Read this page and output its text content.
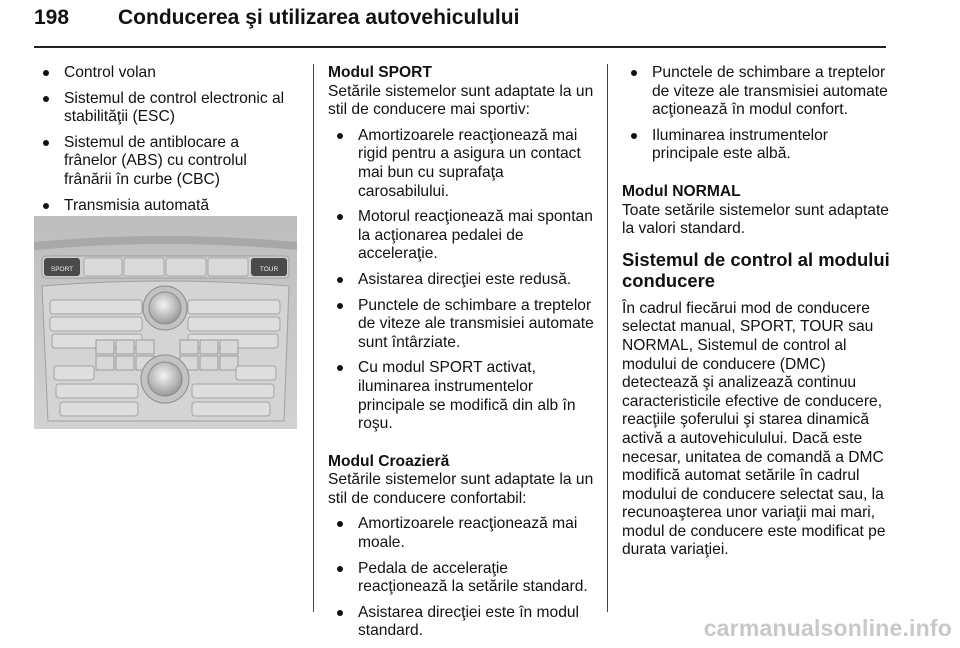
198 Conducerea şi utilizarea autovehiculului
Control volan
Sistemul de control electronic al stabilităţii (ESC)
Sistemul de antiblocare a frânelor (ABS) cu controlul frânării în curbe (CBC)
Transmisia automată
SPORT	TOUR
Modul SPORT

Setările sistemelor sunt adaptate la un stil de conducere mai sportiv:

Amortizoarele reacţionează mai rigid pentru a asigura un contact mai bun cu suprafaţa carosabilului.
Motorul reacţionează mai spontan la acţionarea pedalei de acceleraţie.
Asistarea direcţiei este redusă.
Punctele de schimbare a treptelor de viteze ale transmisiei automate sunt întârziate.
Cu modul SPORT activat, iluminarea instrumentelor principale se modifică din alb în roşu.
Modul Croazieră

Setările sistemelor sunt adaptate la un stil de conducere confortabil:

Amortizoarele reacţionează mai moale.
Pedala de acceleraţie reacţionează la setările standard.
Asistarea direcţiei este în modul standard.
Punctele de schimbare a treptelor de viteze ale transmisiei automate acţionează în modul confort.
Iluminarea instrumentelor principale este albă.
Modul NORMAL

Toate setările sistemelor sunt adaptate la valori standard.

Sistemul de control al modului conducere

În cadrul fiecărui mod de conducere selectat manual, SPORT, TOUR sau NORMAL, Sistemul de control al modului de conducere (DMC) detectează şi analizează continuu caracteristicile efective de conducere, reacţiile şoferului şi starea dinamică activă a autovehiculului. Dacă este necesar, unitatea de comandă a DMC modifică automat setările în cadrul modului de conducere selectat sau, la recunoaşterea unor variaţii mai mari, modul de conducere este modificat pe durata variaţiei.

carmanualsonline.info
